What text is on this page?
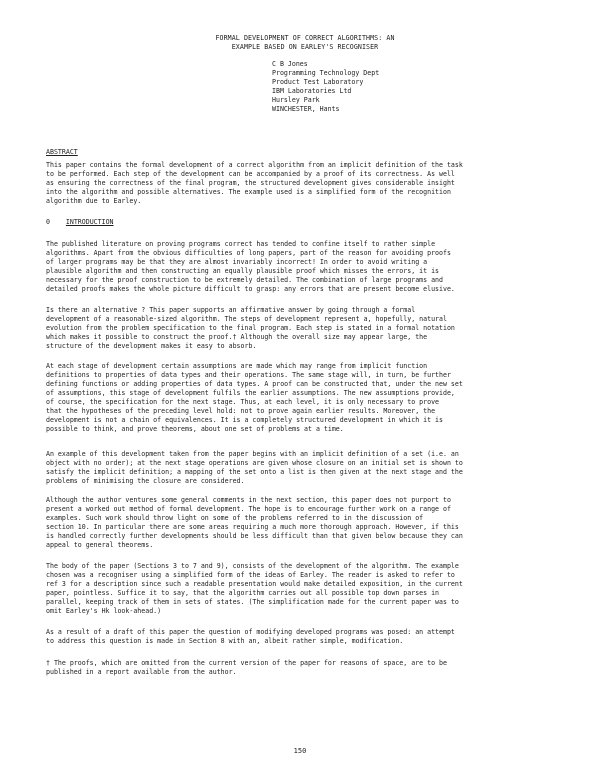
FORMAL DEVELOPMENT OF CORRECT ALGORITHMS: AN
EXAMPLE BASED ON EARLEY'S RECOGNISER
C B Jones
Programming Technology Dept
Product Test Laboratory
IBM Laboratories Ltd
Hursley Park
WINCHESTER, Hants
ABSTRACT
This paper contains the formal development of a correct algorithm from an implicit definition of the task
to be performed. Each step of the development can be accompanied by a proof of its correctness. As well
as ensuring the correctness of the final program, the structured development gives considerable insight
into the algorithm and possible alternatives. The example used is a simplified form of the recognition
algorithm due to Earley.
0 INTRODUCTION
The published literature on proving programs correct has tended to confine itself to rather simple
algorithms. Apart from the obvious difficulties of long papers, part of the reason for avoiding proofs
of larger programs may be that they are almost invariably incorrect! In order to avoid writing a
plausible algorithm and then constructing an equally plausible proof which misses the errors, it is
necessary for the proof construction to be extremely detailed. The combination of large programs and
detailed proofs makes the whole picture difficult to grasp: any errors that are present become elusive.
Is there an alternative ? This paper supports an affirmative answer by going through a formal
development of a reasonable-sized algorithm. The steps of development represent a, hopefully, natural
evolution from the problem specification to the final program. Each step is stated in a formal notation
which makes it possible to construct the proof.† Although the overall size may appear large, the
structure of the development makes it easy to absorb.
At each stage of development certain assumptions are made which may range from implicit function
definitions to properties of data types and their operations. The same stage will, in turn, be further
defining functions or adding properties of data types. A proof can be constructed that, under the new set
of assumptions, this stage of development fulfils the earlier assumptions. The new assumptions provide,
of course, the specification for the next stage. Thus, at each level, it is only necessary to prove
that the hypotheses of the preceding level hold: not to prove again earlier results. Moreover, the
development is not a chain of equivalences. It is a completely structured development in which it is
possible to think, and prove theorems, about one set of problems at a time.
An example of this development taken from the paper begins with an implicit definition of a set (i.e. an
object with no order); at the next stage operations are given whose closure on an initial set is shown to
satisfy the implicit definition; a mapping of the set onto a list is then given at the next stage and the
problems of minimising the closure are considered.
Although the author ventures some general comments in the next section, this paper does not purport to
present a worked out method of formal development. The hope is to encourage further work on a range of
examples. Such work should throw light on some of the problems referred to in the discussion of
section 10. In particular there are some areas requiring a much more thorough approach. However, if this
is handled correctly further developments should be less difficult than that given below because they can
appeal to general theorems.
The body of the paper (Sections 3 to 7 and 9), consists of the development of the algorithm. The example
chosen was a recogniser using a simplified form of the ideas of Earley. The reader is asked to refer to
ref 3 for a description since such a readable presentation would make detailed exposition, in the current
paper, pointless. Suffice it to say, that the algorithm carries out all possible top down parses in
parallel, keeping track of them in sets of states. (The simplification made for the current paper was to
omit Earley's Hk look-ahead.)
As a result of a draft of this paper the question of modifying developed programs was posed: an attempt
to address this question is made in Section 8 with an, albeit rather simple, modification.
† The proofs, which are omitted from the current version of the paper for reasons of space, are to be
published in a report available from the author.
150
